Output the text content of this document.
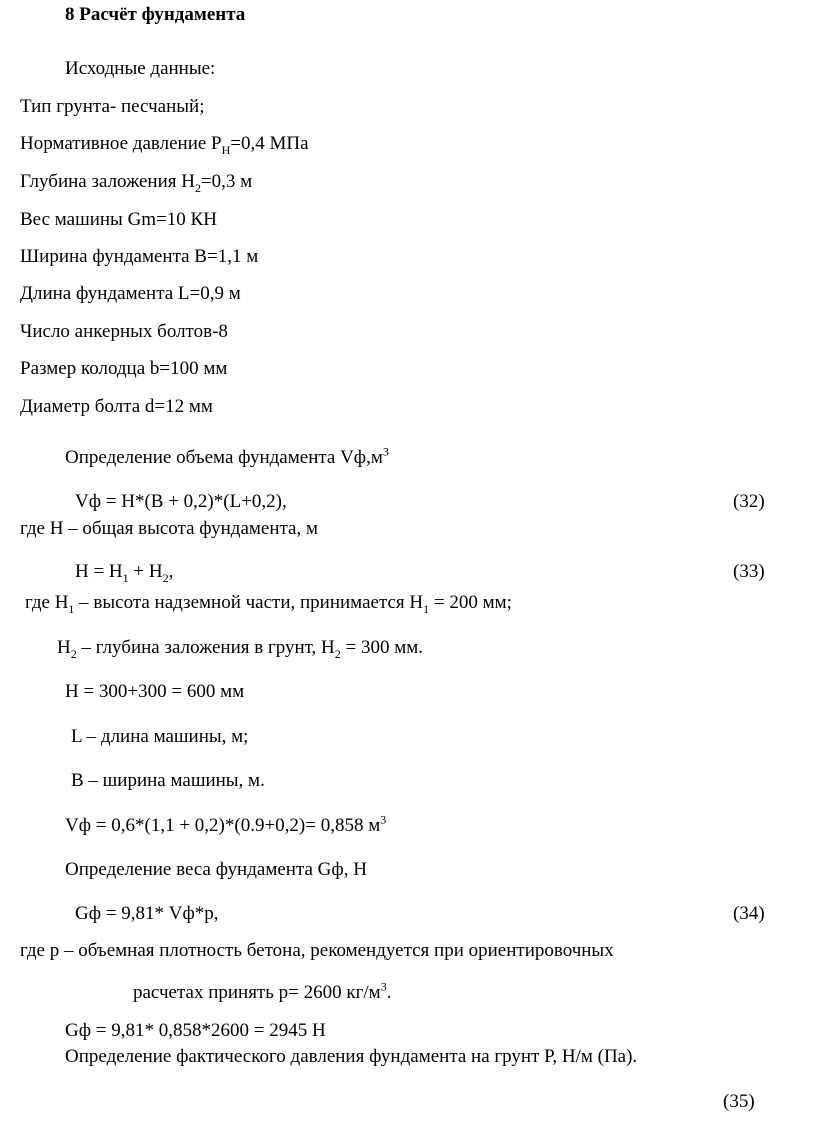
8 Расчёт фундамента
Исходные данные:
Тип грунта- песчаный;
Нормативное давление $Р_Н=0,4$ МПа
Глубина заложения $Н_2=0,3$ м
Вес машины Gm=10 КН
Ширина фундамента В=1,1 м
Длина фундамента L=0,9 м
Число анкерных болтов-8
Размер колодца b=100 мм
Диаметр болта d=12 мм
Определение объема фундамента $Vф,м^3$
Vф = Н*(В + 0,2)*(L+0,2),	(32)
где Н – общая высота фундамента, м
$Н = Н_1 + Н_2$,	(33)
где $Н_1$ – высота надземной части, принимается $Н_1 = 200$ мм;
$Н_2$ – глубина заложения в грунт, $Н_2 = 300$ мм.
Н = 300+300 = 600 мм
L – длина машины, м;
В – ширина машины, м.
Vф = 0,6*(1,1 + 0,2)*(0.9+0,2)= 0,858 $м^3$
Определение веса фундамента Gф, Н
Gф = 9,81* Vф*p,	(34)
где p – объемная плотность бетона, рекомендуется при ориентировочных
расчетах принять p= 2600 $кг/м^3$.
Gф = 9,81* 0,858*2600 = 2945 Н
Определение фактического давления фундамента на грунт Р, Н/м (Па).
(35)
